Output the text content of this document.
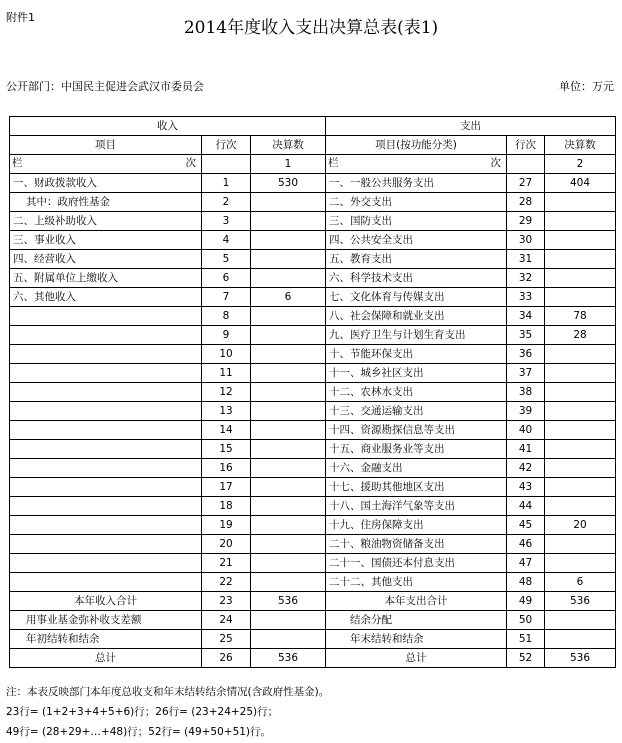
附件1
2014年度收入支出决算总表(表1)
公开部门：中国民主促进会武汉市委员会	单位：万元
收入			支出		
项目	行次	决算数	项目(按功能分类)	行次	决算数

栏 次		1	栏 次		2
一、财政拨款收入	1	530	一、一般公共服务支出	27	404
其中：政府性基金	2		二、外交支出	28	
二、上级补助收入	3		三、国防支出	29	
三、事业收入	4		四、公共安全支出	30	
四、经营收入	5		五、教育支出	31	
五、附属单位上缴收入	6		六、科学技术支出	32	
六、其他收入	7	6	七、文化体育与传媒支出	33	
	8		八、社会保障和就业支出	34	78
	9		九、医疗卫生与计划生育支出	35	28
	10		十、节能环保支出	36	
	11		十一、城乡社区支出	37	
	12		十二、农林水支出	38	
	13		十三、交通运输支出	39	
	14		十四、资源勘探信息等支出	40	
	15		十五、商业服务业等支出	41	
	16		十六、金融支出	42	
	17		十七、援助其他地区支出	43	
	18		十八、国土海洋气象等支出	44	
	19		十九、住房保障支出	45	20
	20		二十、粮油物资储备支出	46	
	21		二十一、国债还本付息支出	47	
	22		二十二、其他支出	48	6
本年收入合计	23	536	本年支出合计	49	536
用事业基金弥补收支差额	24		结余分配	50	
年初结转和结余	25		年末结转和结余	51	
总计	26	536	总计	52	536
注：本表反映部门本年度总收支和年末结转结余情况(含政府性基金)。
23行= (1+2+3+4+5+6)行；26行= (23+24+25)行；
49行= (28+29+…+48)行；52行= (49+50+51)行。
